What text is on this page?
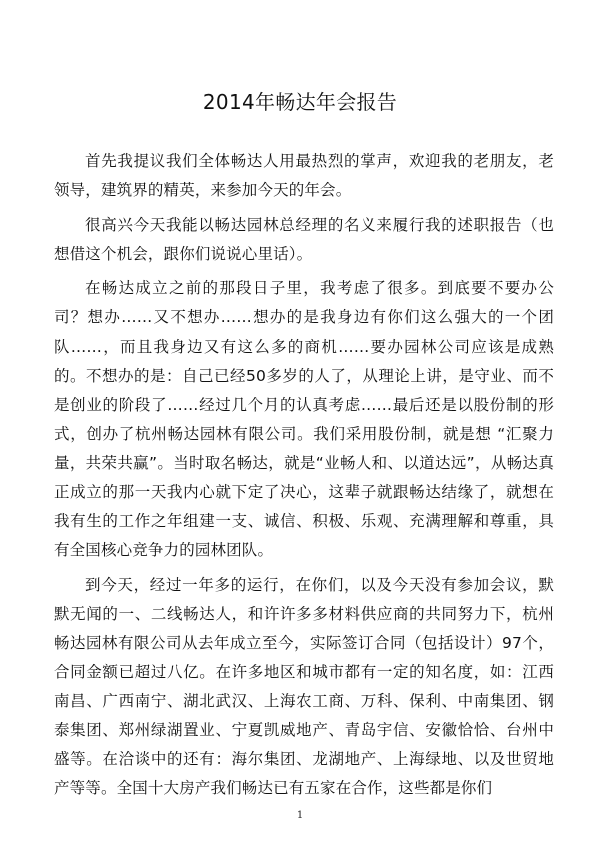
2014年畅达年会报告

首先我提议我们全体畅达人用最热烈的掌声，欢迎我的老朋友，老领导，建筑界的精英，来参加今天的年会。

很高兴今天我能以畅达园林总经理的名义来履行我的述职报告（也想借这个机会，跟你们说说心里话）。

在畅达成立之前的那段日子里，我考虑了很多。到底要不要办公司？想办……又不想办……想办的是我身边有你们这么强大的一个团队……，而且我身边又有这么多的商机……要办园林公司应该是成熟的。不想办的是：自己已经50多岁的人了，从理论上讲，是守业、而不是创业的阶段了……经过几个月的认真考虑……最后还是以股份制的形式，创办了杭州畅达园林有限公司。我们采用股份制，就是想 “汇聚力量，共荣共赢”。当时取名畅达，就是“业畅人和、以道达远”，从畅达真正成立的那一天我内心就下定了决心，这辈子就跟畅达结缘了，就想在我有生的工作之年组建一支、诚信、积极、乐观、充满理解和尊重，具有全国核心竞争力的园林团队。

到今天，经过一年多的运行，在你们，以及今天没有参加会议，默默无闻的一、二线畅达人，和许许多多材料供应商的共同努力下，杭州畅达园林有限公司从去年成立至今，实际签订合同（包括设计）97个，合同金额已超过八亿。在许多地区和城市都有一定的知名度，如：江西南昌、广西南宁、湖北武汉、上海农工商、万科、保利、中南集团、钢泰集团、郑州绿湖置业、宁夏凯威地产、青岛宇信、安徽恰恰、台州中盛等。在洽谈中的还有：海尔集团、龙湖地产、上海绿地、以及世贸地产等等。全国十大房产我们畅达已有五家在合作，这些都是你们

1
